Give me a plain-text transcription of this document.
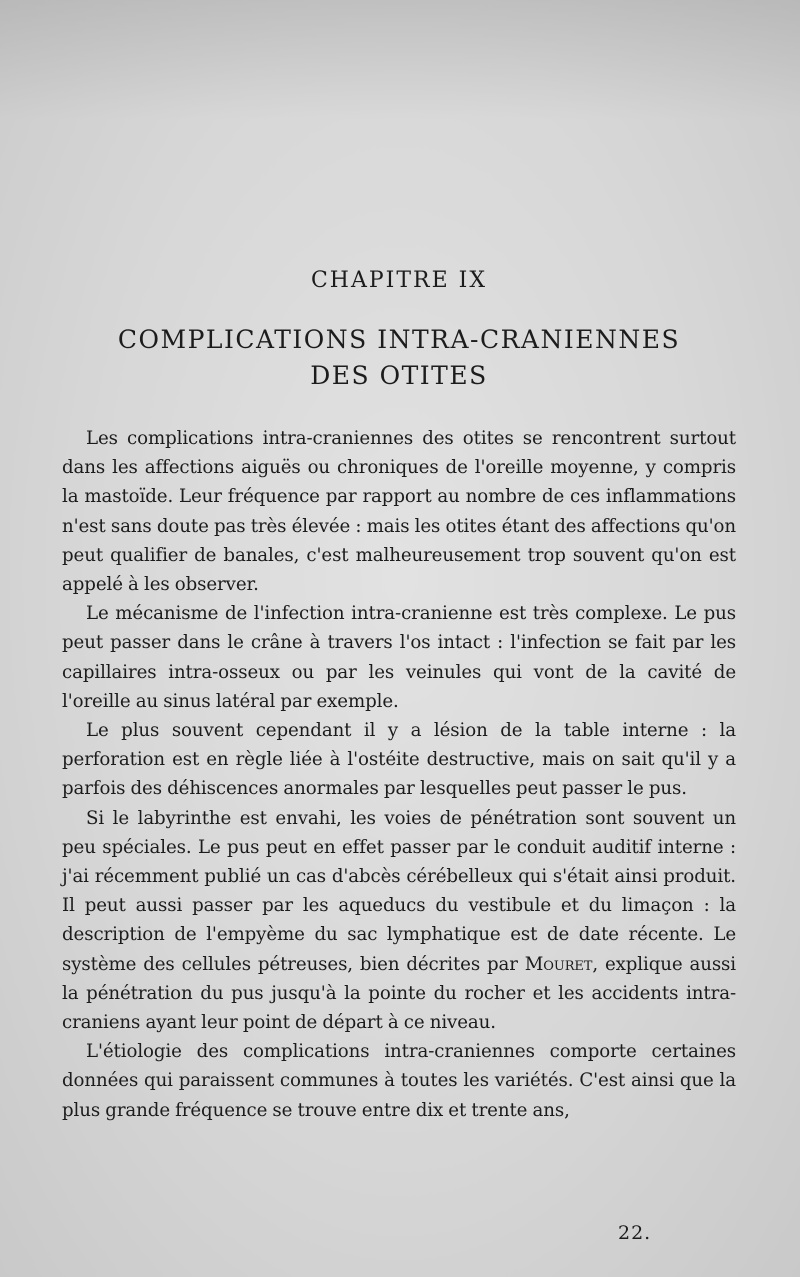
CHAPITRE IX
COMPLICATIONS INTRA-CRANIENNES
DES OTITES

Les complications intra-craniennes des otites se rencontrent surtout dans les affections aiguës ou chroniques de l'oreille moyenne, y compris la mastoïde. Leur fréquence par rapport au nombre de ces inflammations n'est sans doute pas très élevée : mais les otites étant des affections qu'on peut qualifier de banales, c'est malheureusement trop souvent qu'on est appelé à les observer.

Le mécanisme de l'infection intra-cranienne est très complexe. Le pus peut passer dans le crâne à travers l'os intact : l'infection se fait par les capillaires intra-osseux ou par les veinules qui vont de la cavité de l'oreille au sinus latéral par exemple.

Le plus souvent cependant il y a lésion de la table interne : la perforation est en règle liée à l'ostéite destructive, mais on sait qu'il y a parfois des déhiscences anormales par lesquelles peut passer le pus.

Si le labyrinthe est envahi, les voies de pénétration sont souvent un peu spéciales. Le pus peut en effet passer par le conduit auditif interne : j'ai récemment publié un cas d'abcès cérébelleux qui s'était ainsi produit. Il peut aussi passer par les aqueducs du vestibule et du limaçon : la description de l'empyème du sac lymphatique est de date récente. Le système des cellules pétreuses, bien décrites par Mouret, explique aussi la pénétration du pus jusqu'à la pointe du rocher et les accidents intra-craniens ayant leur point de départ à ce niveau.

L'étiologie des complications intra-craniennes comporte certaines données qui paraissent communes à toutes les variétés. C'est ainsi que la plus grande fréquence se trouve entre dix et trente ans,

22.
